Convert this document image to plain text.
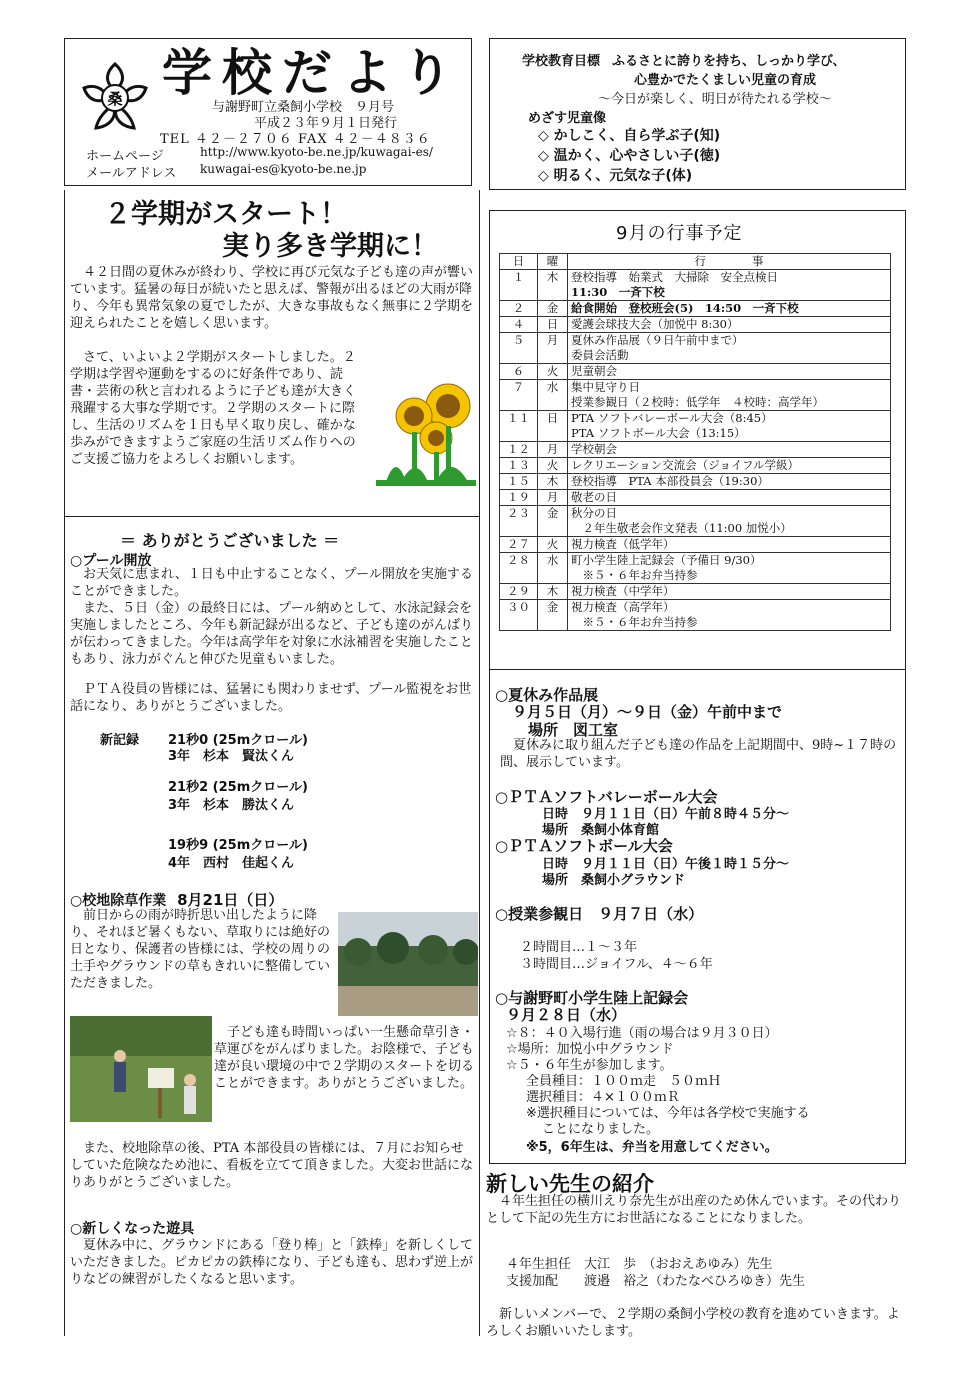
桑 学校だより
与謝野町立桑飼小学校　９月号
平成２３年９月１日発行
TEL ４２－２７０６ FAX ４２－４８３６
ホームページ	http://www.kyoto-be.ne.jp/kuwagai-es/
メールアドレス kuwagai-es@kyoto-be.ne.jp
学校教育目標 ふるさとに誇りを持ち、しっかり学び、
心豊かでたくましい児童の育成
～今日が楽しく、明日が待たれる学校～
めざす児童像
◇ かしこく、自ら学ぶ子(知)
◇ 温かく、心やさしい子(徳)
◇ 明るく、元気な子(体)
２学期がスタート！
実り多き学期に！
４２日間の夏休みが終わり、学校に再び元気な子ども達の声が響いています。猛暑の毎日が続いたと思えば、警報が出るほどの大雨が降り、今年も異常気象の夏でしたが、大きな事故もなく無事に２学期を迎えられたことを嬉しく思います。
さて、いよいよ２学期がスタートしました。２学期は学習や運動をするのに好条件であり、読書・芸術の秋と言われるように子ども達が大きく飛躍する大事な学期です。２学期のスタートに際し、生活のリズムを１日も早く取り戻し、確かな歩みができますようご家庭の生活リズム作りへのご支援ご協力をよろしくお願いします。
＝ ありがとうございました ＝
○プール開放
お天気に恵まれ、１日も中止することなく、プール開放を実施することができました。
また、５日（金）の最終日には、プール納めとして、水泳記録会を実施しましたところ、今年も新記録が出るなど、子ども達のがんばりが伝わってきました。今年は高学年を対象に水泳補習を実施したこともあり、泳力がぐんと伸びた児童もいました。
ＰＴＡ役員の皆様には、猛暑にも関わりませず、プール監視をお世話になり、ありがとうございました。
新記録 21秒0 (25mクロール)
3年　杉本　賢汰くん
21秒2 (25mクロール)
3年　杉本　勝汰くん
19秒9 (25mクロール)
4年　西村　佳起くん
○校地除草作業 8月21日（日）
前日からの雨が時折思い出したように降り、それほど暑くもない、草取りには絶好の日となり、保護者の皆様には、学校の周りの土手やグラウンドの草もきれいに整備していただきました。
子ども達も時間いっぱい一生懸命草引き・草運びをがんばりました。お陰様で、子ども達が良い環境の中で２学期のスタートを切ることができます。ありがとうございました。
また、校地除草の後、PTA 本部役員の皆様には、７月にお知らせしていた危険なため池に、看板を立てて頂きました。大変お世話になりありがとうございました。
○新しくなった遊具
夏休み中に、グラウンドにある「登り棒」と「鉄棒」を新しくしていただきました。ピカピカの鉄棒になり、子ども達も、思わず逆上がりなどの練習がしたくなると思います。
9月の行事予定
日	曜	行　　　　事
１	木	登校指導　始業式　大掃除　安全点検日
11:30　一斉下校

２	金	給食開始　登校班会(5)　14:50　一斉下校

４	日	愛護会球技大会（加悦中 8:30）

５	月	夏休み作品展（９日午前中まで）
委員会活動

６	火	児童朝会

７	水	集中見守り日
授業参観日（２校時：低学年　４校時：高学年）

１１	日	PTA ソフトバレーボール大会（8:45）
PTA ソフトボール大会（13:15）

１２	月	学校朝会

１３	火	レクリエーション交流会（ジョイフル学級）

１５	木	登校指導　PTA 本部役員会（19:30）

１９	月	敬老の日

２３	金	秋分の日
２年生敬老会作文発表（11:00 加悦小）

２７	火	視力検査（低学年）

２８	水	町小学生陸上記録会（予備日 9/30）
※５・６年お弁当持参

２９	木	視力検査（中学年）

３０	金	視力検査（高学年）
※５・６年お弁当持参
○夏休み作品展
９月５日（月）～９日（金）午前中まで
場所　図工室
夏休みに取り組んだ子ども達の作品を上記期間中、9時~１７時の間、展示しています。
○ＰＴＡソフトバレーボール大会
日時　９月１１日（日）午前８時４５分～
場所　桑飼小体育館
○ＰＴＡソフトボール大会
日時　９月１１日（日）午後１時１５分～
場所　桑飼小グラウンド
○授業参観日　９月７日（水）
２時間目…１～３年
３時間目…ジョイフル、４～６年
○与謝野町小学生陸上記録会
９月２８日（水）
☆８：４０入場行進（雨の場合は９月３０日）
☆場所：加悦小中グラウンド
☆５・６年生が参加します。
全員種目：１００ｍ走　５０ｍＨ
選択種目：４×１００ｍＲ
※選択種目については、今年は各学校で実施する
ことになりました。
※5，6年生は、弁当を用意してください。
新しい先生の紹介
４年生担任の横川えり奈先生が出産のため休んでいます。その代わりとして下記の先生方にお世話になることになりました。
４年生担任　大江　歩　（おおえあゆみ）先生
支援加配　　渡邉　裕之（わたなべひろゆき）先生
新しいメンバーで、２学期の桑飼小学校の教育を進めていきます。よろしくお願いいたします。
